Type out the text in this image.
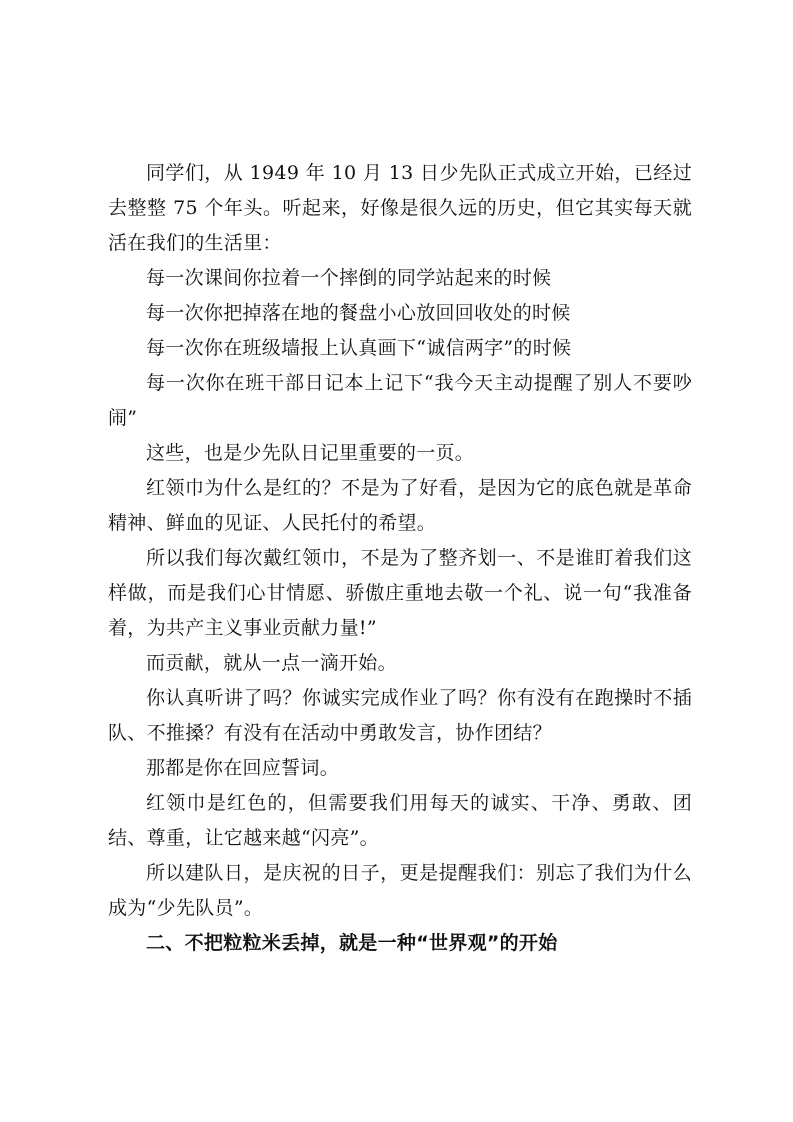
同学们，从 1949 年 10 月 13 日少先队正式成立开始，已经过去整整 75 个年头。听起来，好像是很久远的历史，但它其实每天就活在我们的生活里：

每一次课间你拉着一个摔倒的同学站起来的时候

每一次你把掉落在地的餐盘小心放回回收处的时候

每一次你在班级墙报上认真画下“诚信两字”的时候

每一次你在班干部日记本上记下“我今天主动提醒了别人不要吵闹”

这些，也是少先队日记里重要的一页。

红领巾为什么是红的？不是为了好看，是因为它的底色就是革命精神、鲜血的见证、人民托付的希望。

所以我们每次戴红领巾，不是为了整齐划一、不是谁盯着我们这样做，而是我们心甘情愿、骄傲庄重地去敬一个礼、说一句“我准备着，为共产主义事业贡献力量!”

而贡献，就从一点一滴开始。

你认真听讲了吗？你诚实完成作业了吗？你有没有在跑操时不插队、不推搡？有没有在活动中勇敢发言，协作团结？

那都是你在回应誓词。

红领巾是红色的，但需要我们用每天的诚实、干净、勇敢、团结、尊重，让它越来越“闪亮”。

所以建队日，是庆祝的日子，更是提醒我们：别忘了我们为什么成为“少先队员”。

二、不把粒粒米丢掉，就是一种“世界观”的开始
